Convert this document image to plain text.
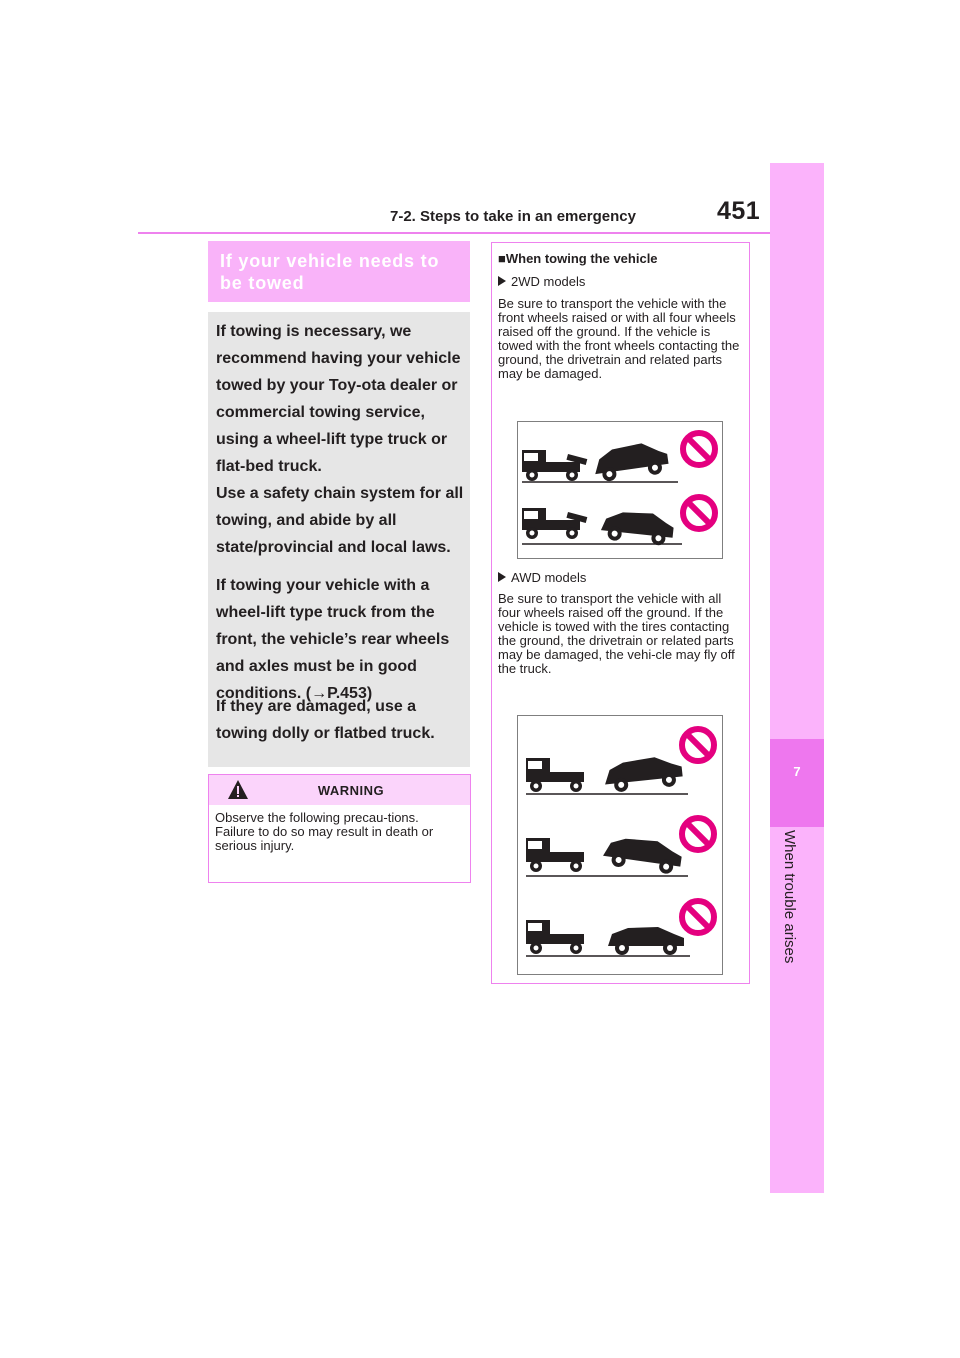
7-2. Steps to take in an emergency	451
7
When trouble arises
If your vehicle needs to be towed

If towing is necessary, we recommend having your vehicle towed by your Toy-ota dealer or commercial towing service, using a wheel-lift type truck or flat-bed truck.

Use a safety chain system for all towing, and abide by all state/provincial and local laws.

If towing your vehicle with a wheel-lift type truck from the front, the vehicle’s rear wheels and axles must be in good conditions. (→P.453)

If they are damaged, use a towing dolly or flatbed truck.

WARNING
Observe the following precau-tions.
Failure to do so may result in death or serious injury.
■When towing the vehicle
2WD models
Be sure to transport the vehicle with the front wheels raised or with all four wheels raised off the ground. If the vehicle is towed with the front wheels contacting the ground, the drivetrain and related parts may be damaged.
AWD models
Be sure to transport the vehicle with all four wheels raised off the ground. If the vehicle is towed with the tires contacting the ground, the drivetrain or related parts may be damaged, the vehi-cle may fly off the truck.
